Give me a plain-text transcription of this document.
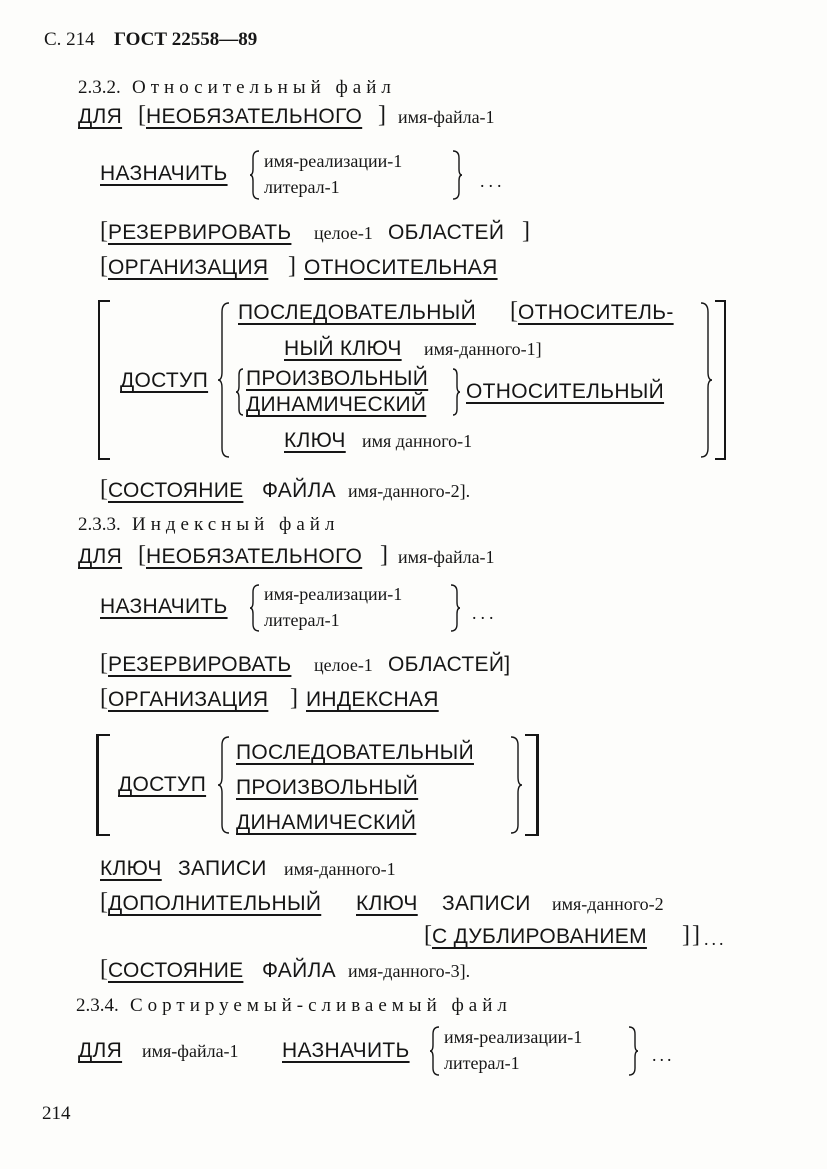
С. 214 ГОСТ 22558—89
2.3.2. Относительный файл
ДЛЯ [ НЕОБЯЗАТЕЛЬНОГО ] имя-файла-1
НАЗНАЧИТЬ
имя-реализации-1
литерал-1	...
[ РЕЗЕРВИРОВАТЬ целое-1 ОБЛАСТЕЙ ]
[ ОРГАНИЗАЦИЯ ] ОТНОСИТЕЛЬНАЯ
ДОСТУП
ПОСЛЕДОВАТЕЛЬНЫЙ [ ОТНОСИТЕЛЬ-
НЫЙ КЛЮЧ имя-данного-1]
ПРОИЗВОЛЬНЫЙ
ДИНАМИЧЕСКИЙ
ОТНОСИТЕЛЬНЫЙ
КЛЮЧ имя данного-1
[ СОСТОЯНИЕ ФАЙЛА имя-данного-2].
2.3.3. Индексный файл
ДЛЯ [ НЕОБЯЗАТЕЛЬНОГО ] имя-файла-1
НАЗНАЧИТЬ
имя-реализации-1
литерал-1	...
[ РЕЗЕРВИРОВАТЬ целое-1 ОБЛАСТЕЙ]
[ ОРГАНИЗАЦИЯ ] ИНДЕКСНАЯ
ДОСТУП
ПОСЛЕДОВАТЕЛЬНЫЙ
ПРОИЗВОЛЬНЫЙ
ДИНАМИЧЕСКИЙ
КЛЮЧ ЗАПИСИ имя-данного-1
[ ДОПОЛНИТЕЛЬНЫЙ КЛЮЧ ЗАПИСИ имя-данного-2
[ С ДУБЛИРОВАНИЕМ ] ] ...
[ СОСТОЯНИЕ ФАЙЛА имя-данного-3].
2.3.4. Сортируемый-сливаемый файл
ДЛЯ имя-файла-1 НАЗНАЧИТЬ
имя-реализации-1
литерал-1	...
214
